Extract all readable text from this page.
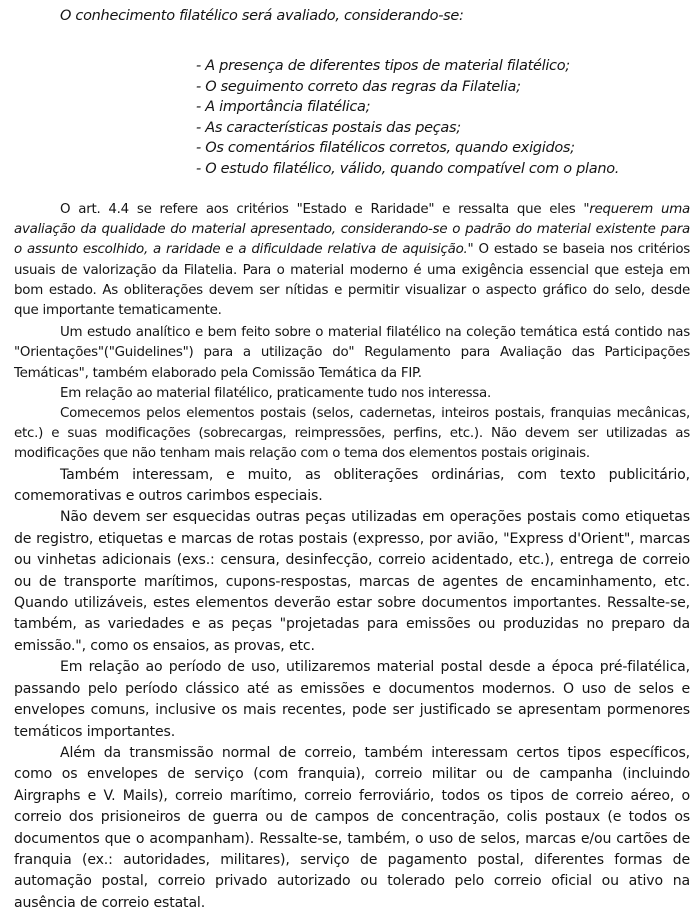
O conhecimento filatélico será avaliado, considerando-se:

- A presença de diferentes tipos de material filatélico;
- O seguimento correto das regras da Filatelia;
- A importância filatélica;
- As características postais das peças;
- Os comentários filatélicos corretos, quando exigidos;
- O estudo filatélico, válido, quando compatível com o plano.

O art. 4.4 se refere aos critérios "Estado e Raridade" e ressalta que eles "requerem uma avaliação da qualidade do material apresentado, considerando-se o padrão do material existente para o assunto escolhido, a raridade e a dificuldade relativa de aquisição." O estado se baseia nos critérios usuais de valorização da Filatelia. Para o material moderno é uma exigência essencial que esteja em bom estado. As obliterações devem ser nítidas e permitir visualizar o aspecto gráfico do selo, desde que importante tematicamente.

Um estudo analítico e bem feito sobre o material filatélico na coleção temática está contido nas "Orientações"("Guidelines") para a utilização do" Regulamento para Avaliação das Participações Temáticas", também elaborado pela Comissão Temática da FIP.

Em relação ao material filatélico, praticamente tudo nos interessa.

Comecemos pelos elementos postais (selos, cadernetas, inteiros postais, franquias mecânicas, etc.) e suas modificações (sobrecargas, reimpressões, perfins, etc.). Não devem ser utilizadas as modificações que não tenham mais relação com o tema dos elementos postais originais.

Também interessam, e muito, as obliterações ordinárias, com texto publicitário, comemorativas e outros carimbos especiais.

Não devem ser esquecidas outras peças utilizadas em operações postais como etiquetas de registro, etiquetas e marcas de rotas postais (expresso, por avião, "Express d'Orient", marcas ou vinhetas adicionais (exs.: censura, desinfecção, correio acidentado, etc.), entrega de correio ou de transporte marítimos, cupons-respostas, marcas de agentes de encaminhamento, etc. Quando utilizáveis, estes elementos deverão estar sobre documentos importantes. Ressalte-se, também, as variedades e as peças "projetadas para emissões ou produzidas no preparo da emissão.", como os ensaios, as provas, etc.

Em relação ao período de uso, utilizaremos material postal desde a época pré-filatélica, passando pelo período clássico até as emissões e documentos modernos. O uso de selos e envelopes comuns, inclusive os mais recentes, pode ser justificado se apresentam pormenores temáticos importantes.

Além da transmissão normal de correio, também interessam certos tipos específicos, como os envelopes de serviço (com franquia), correio militar ou de campanha (incluindo Airgraphs e V. Mails), correio marítimo, correio ferroviário, todos os tipos de correio aéreo, o correio dos prisioneiros de guerra ou de campos de concentração, colis postaux (e todos os documentos que o acompanham). Ressalte-se, também, o uso de selos, marcas e/ou cartões de franquia (ex.: autoridades, militares), serviço de pagamento postal, diferentes formas de automação postal, correio privado autorizado ou tolerado pelo correio oficial ou ativo na ausência de correio estatal.
